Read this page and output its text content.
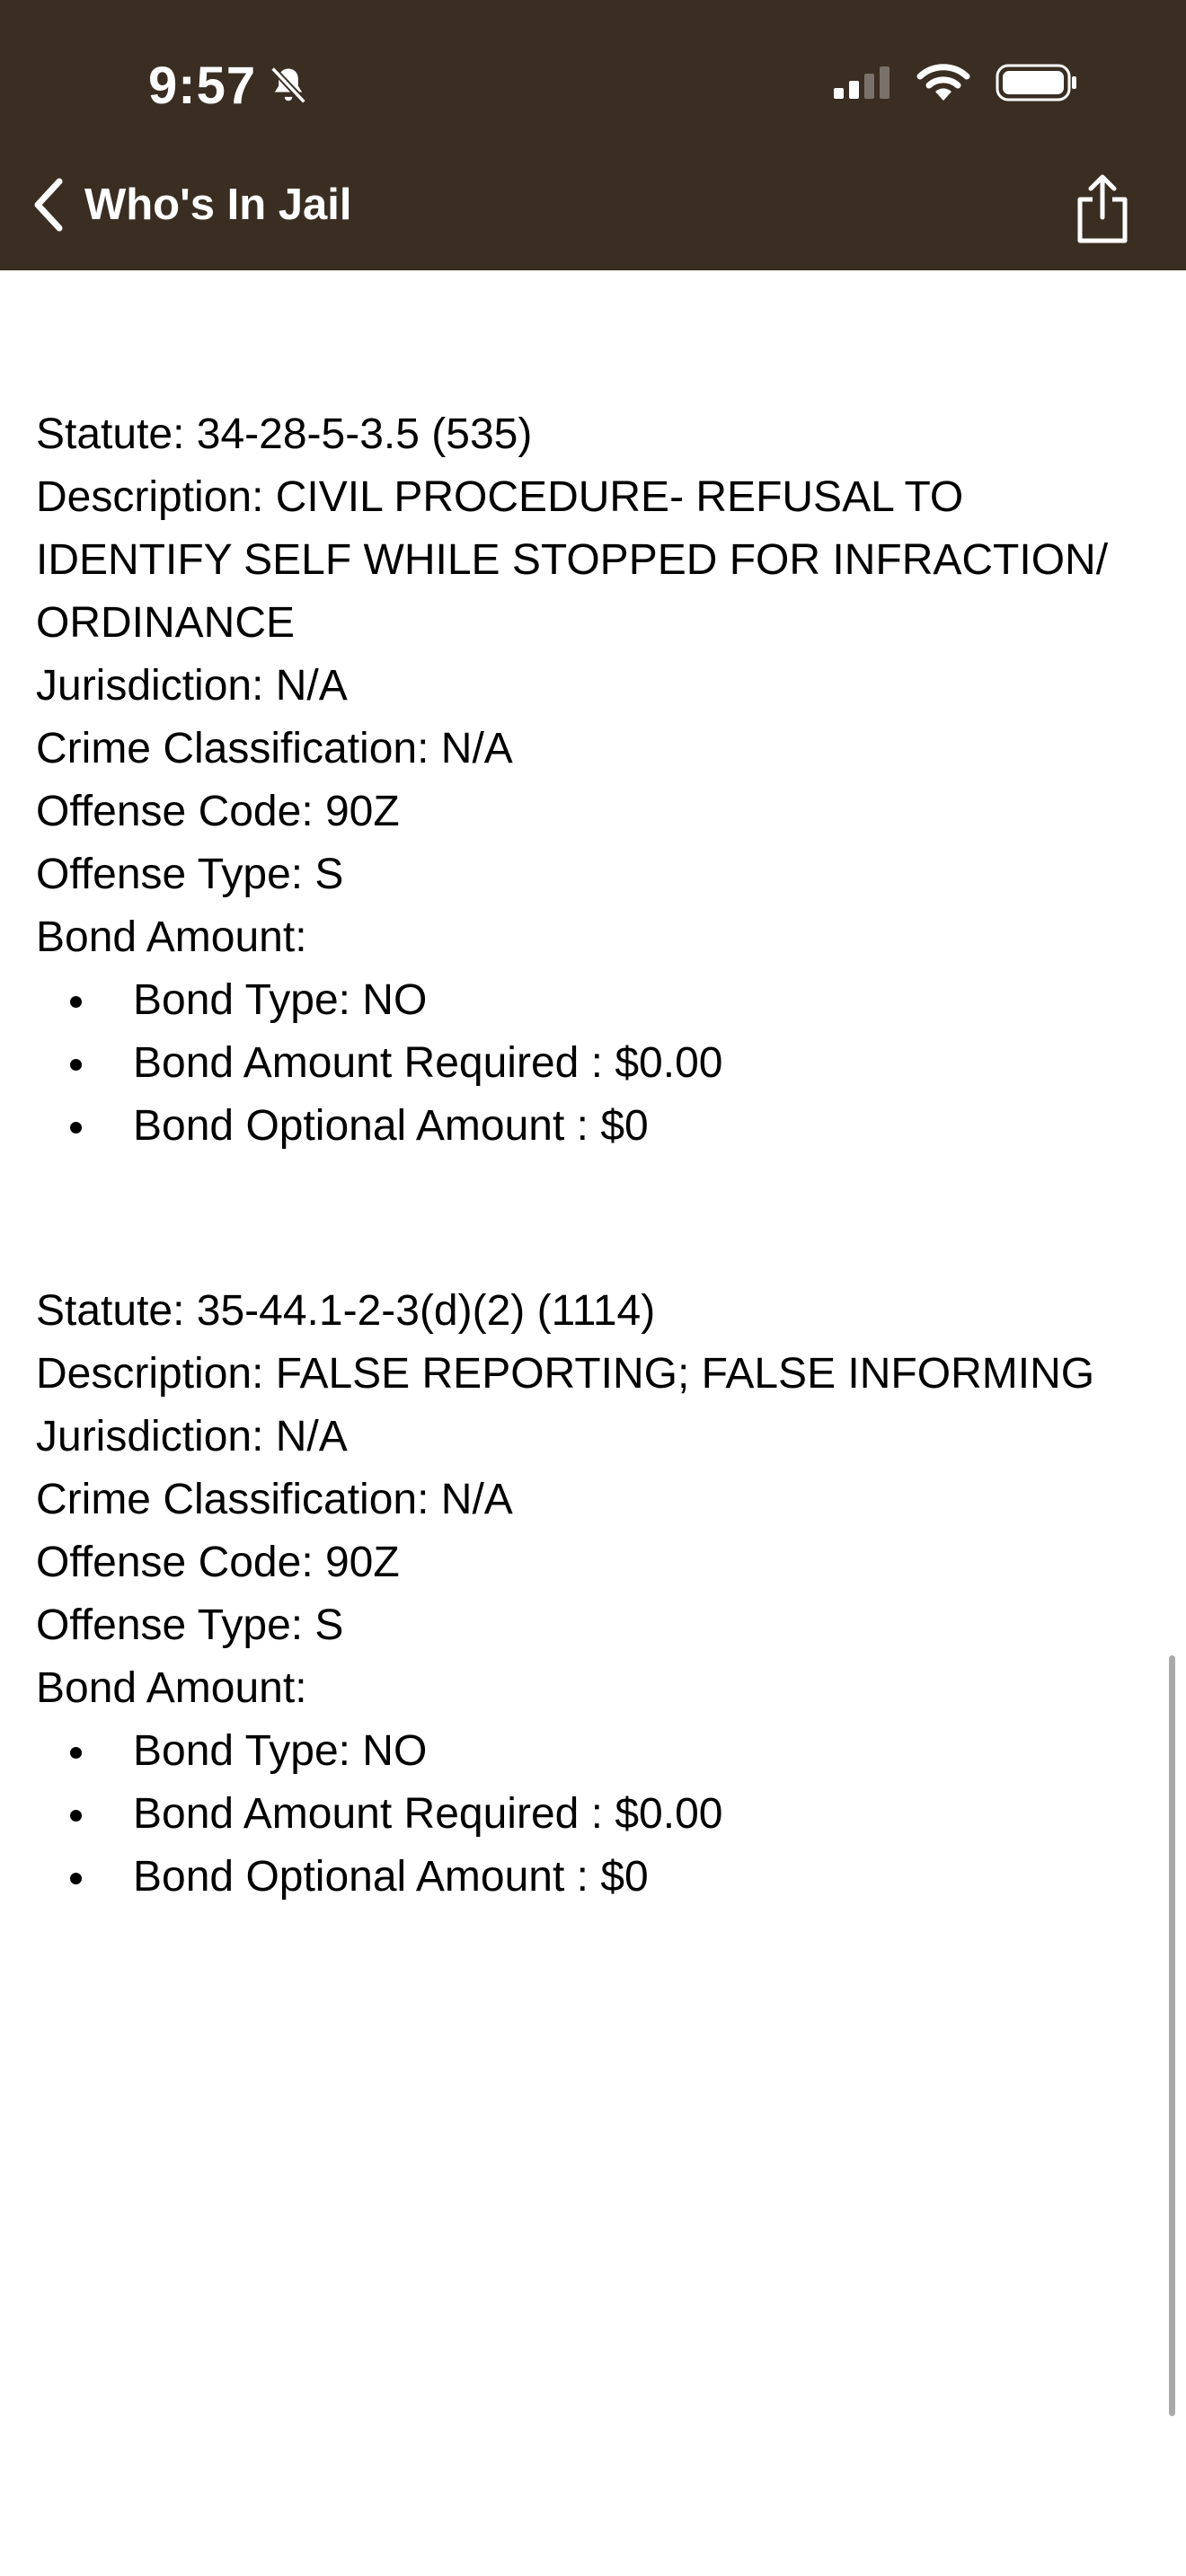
9:57
Who's In Jail
Statute: 34-28-5-3.5 (535)
Description: CIVIL PROCEDURE- REFUSAL TO
IDENTIFY SELF WHILE STOPPED FOR INFRACTION/
ORDINANCE
Jurisdiction: N/A
Crime Classification: N/A
Offense Code: 90Z
Offense Type: S
Bond Amount:
Bond Type: NO
Bond Amount Required : $0.00
Bond Optional Amount : $0
Statute: 35-44.1-2-3(d)(2) (1114)
Description: FALSE REPORTING; FALSE INFORMING
Jurisdiction: N/A
Crime Classification: N/A
Offense Code: 90Z
Offense Type: S
Bond Amount:
Bond Type: NO
Bond Amount Required : $0.00
Bond Optional Amount : $0
